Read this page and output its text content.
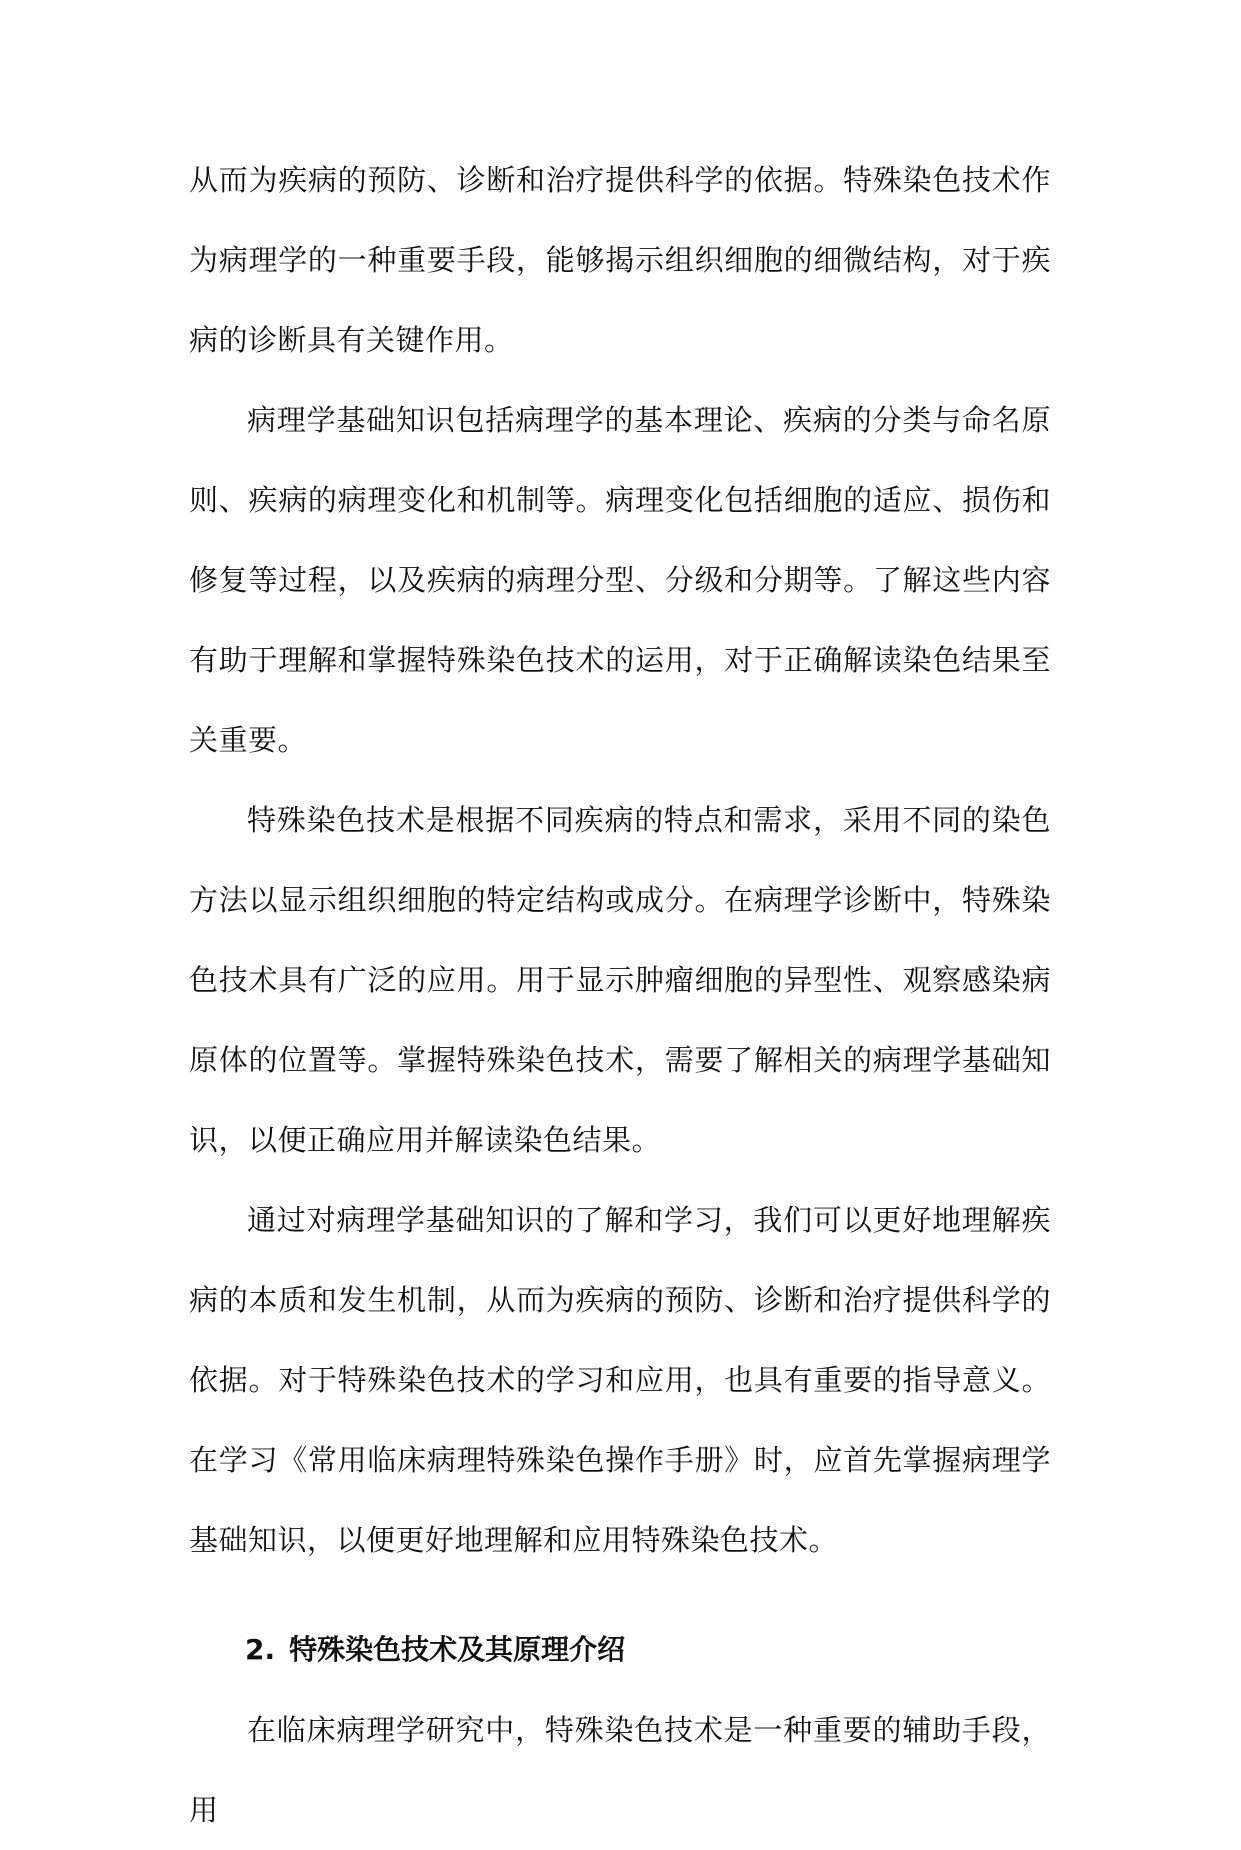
从而为疾病的预防、诊断和治疗提供科学的依据。特殊染色技术作为病理学的一种重要手段，能够揭示组织细胞的细微结构，对于疾病的诊断具有关键作用。

病理学基础知识包括病理学的基本理论、疾病的分类与命名原则、疾病的病理变化和机制等。病理变化包括细胞的适应、损伤和修复等过程，以及疾病的病理分型、分级和分期等。了解这些内容有助于理解和掌握特殊染色技术的运用，对于正确解读染色结果至关重要。

特殊染色技术是根据不同疾病的特点和需求，采用不同的染色方法以显示组织细胞的特定结构或成分。在病理学诊断中，特殊染色技术具有广泛的应用。用于显示肿瘤细胞的异型性、观察感染病原体的位置等。掌握特殊染色技术，需要了解相关的病理学基础知识，以便正确应用并解读染色结果。

通过对病理学基础知识的了解和学习，我们可以更好地理解疾病的本质和发生机制，从而为疾病的预防、诊断和治疗提供科学的依据。对于特殊染色技术的学习和应用，也具有重要的指导意义。在学习《常用临床病理特殊染色操作手册》时，应首先掌握病理学基础知识，以便更好地理解和应用特殊染色技术。

2. 特殊染色技术及其原理介绍

在临床病理学研究中，特殊染色技术是一种重要的辅助手段，用
